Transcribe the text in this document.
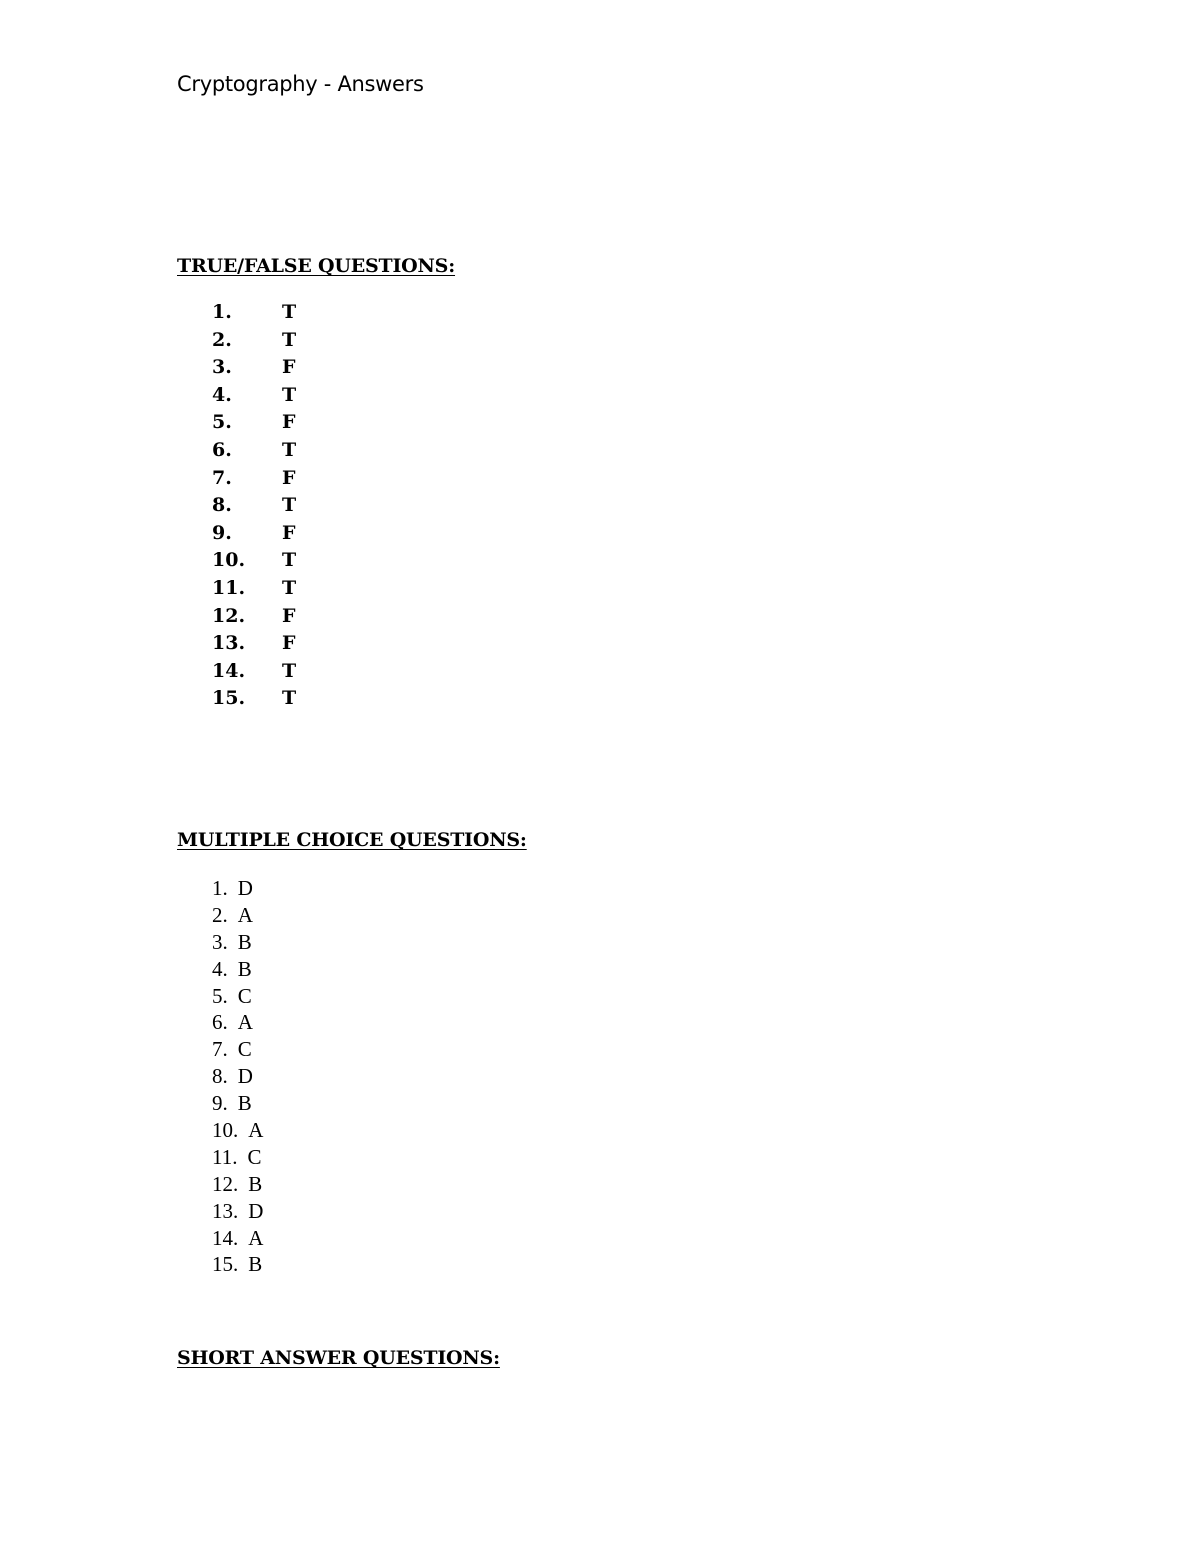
Cryptography - Answers
TRUE/FALSE QUESTIONS:
1.	T
2.	T
3.	F
4.	T
5.	F
6.	T
7.	F
8.	T
9.	F
10. T
11. T
12. F
13. F
14. T
15. T
MULTIPLE CHOICE QUESTIONS:
1. D
2. A
3. B
4. B
5. C
6. A
7. C
8. D
9. B
10. A
11. C
12. B
13. D
14. A
15. B
SHORT ANSWER QUESTIONS:
